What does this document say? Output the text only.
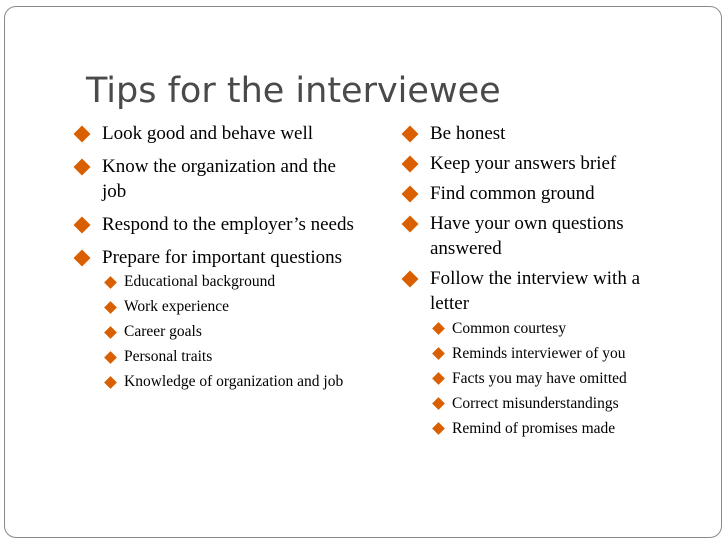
Tips for the interviewee
Look good and behave well
Know the organization and the job
Respond to the employer’s needs
Prepare for important questions
Educational background
Work experience
Career goals
Personal traits
Knowledge of organization and job
Be honest
Keep your answers brief
Find common ground
Have your own questions answered
Follow the interview with a letter
Common courtesy
Reminds interviewer of you
Facts you may have omitted
Correct misunderstandings
Remind of promises made
